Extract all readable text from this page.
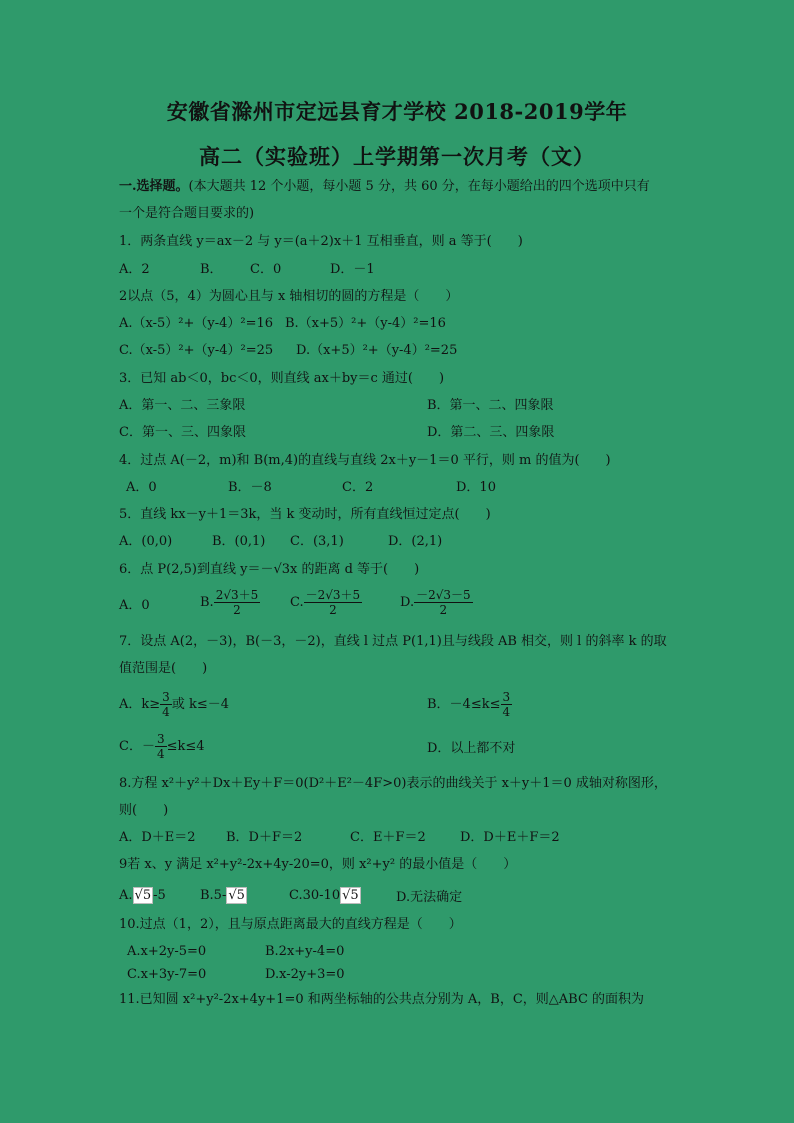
安徽省滁州市定远县育才学校 2018-2019学年
高二（实验班）上学期第一次月考（文）
一.选择题。(本大题共 12 个小题，每小题 5 分，共 60 分，在每小题给出的四个选项中只有
一个是符合题目要求的)
1．两条直线 y＝ax－2 与 y＝(a＋2)x＋1 互相垂直，则 a 等于(　　)
A．2	B． C．0	D．－1
2以点（5，4）为圆心且与 x 轴相切的圆的方程是（　　）
A.（x-5）²+（y-4）²=16 B.（x+5）²+（y-4）²=16
C.（x-5）²+（y-4）²=25 D.（x+5）²+（y-4）²=25
3．已知 ab＜0，bc＜0，则直线 ax＋by＝c 通过(　　)
A．第一、二、三象限	B．第一、二、四象限
C．第一、三、四象限	D．第二、三、四象限
4．过点 A(－2，m)和 B(m,4)的直线与直线 2x＋y－1＝0 平行，则 m 的值为(　　)
A．0	B．－8	C．2	D．10
5．直线 kx－y＋1＝3k，当 k 变动时，所有直线恒过定点(　　)
A．(0,0)	B．(0,1) C．(3,1)	D．(2,1)
6．点 P(2,5)到直线 y＝－√3x 的距离 d 等于(　　)
A．0	B. $\frac{2√3+5}{2} C$. $\frac{-2√3+5}{2}$	D. $\frac{-2√3-5}{2}$
7．设点 A(2，－3)，B(－3，－2)，直线 l 过点 P(1,1)且与线段 AB 相交，则 l 的斜率 k 的取
值范围是(　　)
A．$k\ge \frac{3}{4}$ 或 k≤－4	B．$-4\le k\le \frac{3}{4}$
C．－ $\frac{3}{4} \le k\le 4$	D．以上都不对
8.方程 x²＋y²＋Dx＋Ey＋F＝0(D²＋E²－4F>0)表示的曲线关于 x＋y＋1＝0 成轴对称图形，
则(　　)
A．D＋E＝2 B．D＋F＝2	C．E＋F＝2	D．D＋E＋F＝2
9若 x、y 满足 x²+y²-2x+4y-20=0，则 x²+y² 的最小值是（　　）
A. √5 -5	B.5- √5	C.30-10 √5	D.无法确定
10.过点（1，2），且与原点距离最大的直线方程是（　　）
A.x+2y-5=0	B.2x+y-4=0
C.x+3y-7=0	D.x-2y+3=0
11.已知圆 x²+y²-2x+4y+1=0 和两坐标轴的公共点分别为 A，B，C，则△ABC 的面积为
